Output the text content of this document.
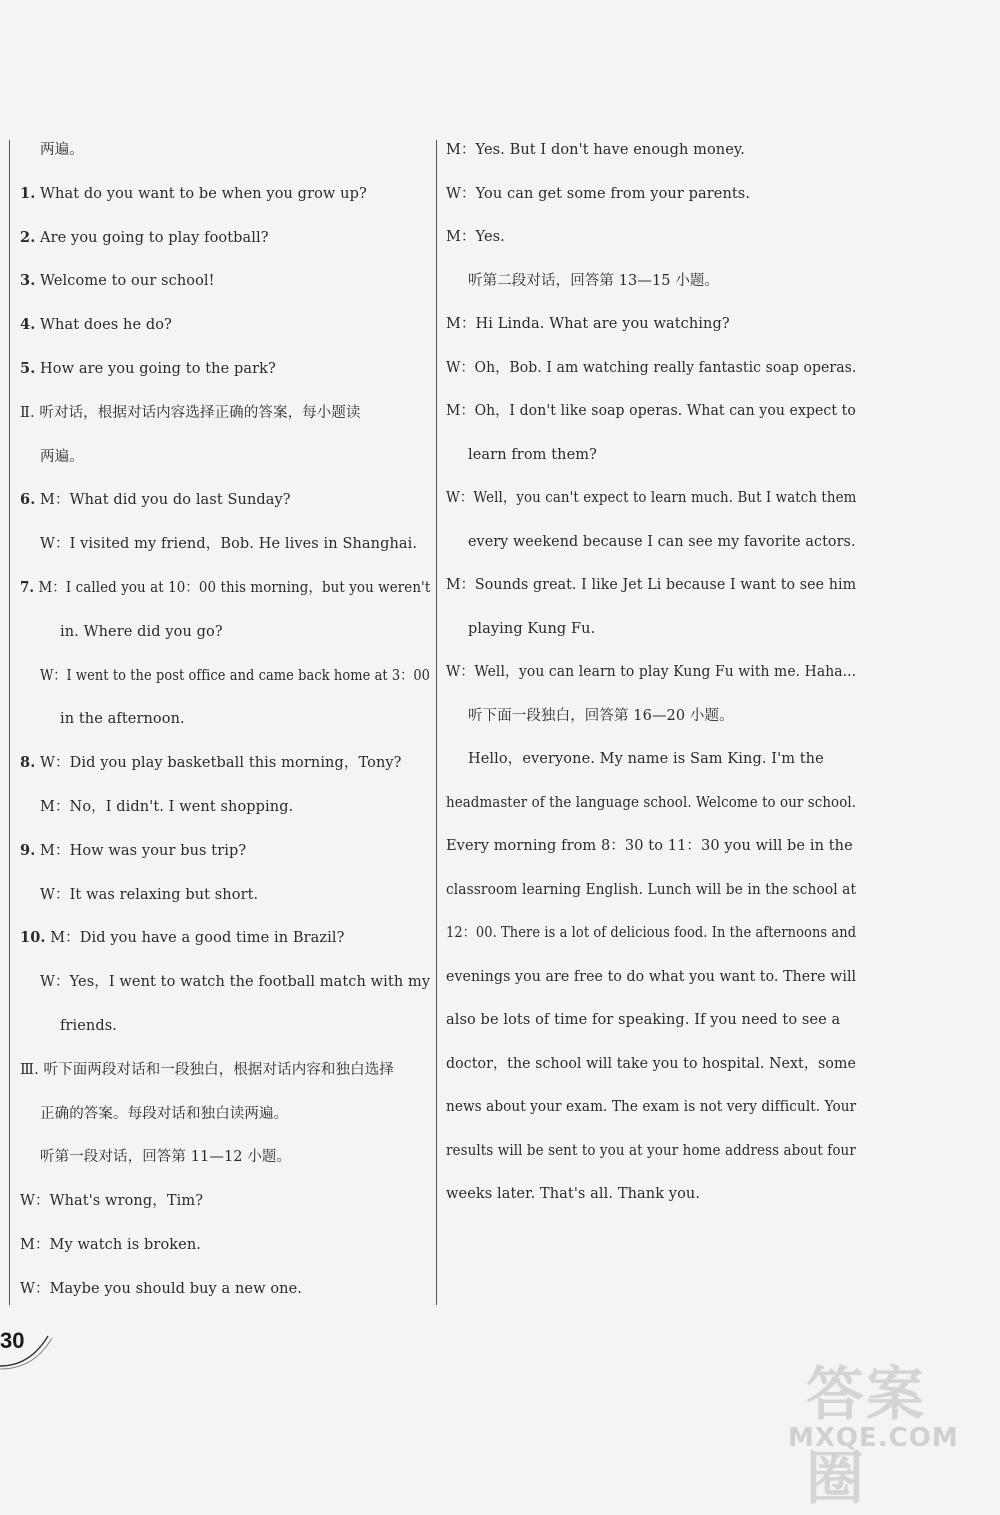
两遍。
1. What do you want to be when you grow up?
2. Are you going to play football?
3. Welcome to our school!
4. What does he do?
5. How are you going to the park?
Ⅱ. 听对话，根据对话内容选择正确的答案，每小题读
两遍。
6. M：What did you do last Sunday?
W：I visited my friend，Bob. He lives in Shanghai.
7. M：I called you at 10：00 this morning，but you weren't
in. Where did you go?
W：I went to the post office and came back home at 3：00
in the afternoon.
8. W：Did you play basketball this morning，Tony?
M：No，I didn't. I went shopping.
9. M：How was your bus trip?
W：It was relaxing but short.
10. M：Did you have a good time in Brazil?
W：Yes，I went to watch the football match with my
friends.
Ⅲ. 听下面两段对话和一段独白，根据对话内容和独白选择
正确的答案。每段对话和独白读两遍。
听第一段对话，回答第 11—12 小题。
W：What's wrong，Tim?
M：My watch is broken.
W：Maybe you should buy a new one.
M：Yes. But I don't have enough money.
W：You can get some from your parents.
M：Yes.
听第二段对话，回答第 13—15 小题。
M：Hi Linda. What are you watching?
W：Oh，Bob. I am watching really fantastic soap operas.
M：Oh，I don't like soap operas. What can you expect to
learn from them?
W：Well，you can't expect to learn much. But I watch them
every weekend because I can see my favorite actors.
M：Sounds great. I like Jet Li because I want to see him
playing Kung Fu.
W：Well，you can learn to play Kung Fu with me. Haha...
听下面一段独白，回答第 16—20 小题。
Hello，everyone. My name is Sam King. I'm the
headmaster of the language school. Welcome to our school.
Every morning from 8：30 to 11：30 you will be in the
classroom learning English. Lunch will be in the school at
12：00. There is a lot of delicious food. In the afternoons and
evenings you are free to do what you want to. There will
also be lots of time for speaking. If you need to see a
doctor，the school will take you to hospital. Next，some
news about your exam. The exam is not very difficult. Your
results will be sent to you at your home address about four
weeks later. That's all. Thank you.
30
答案圈
MXQE.COM
